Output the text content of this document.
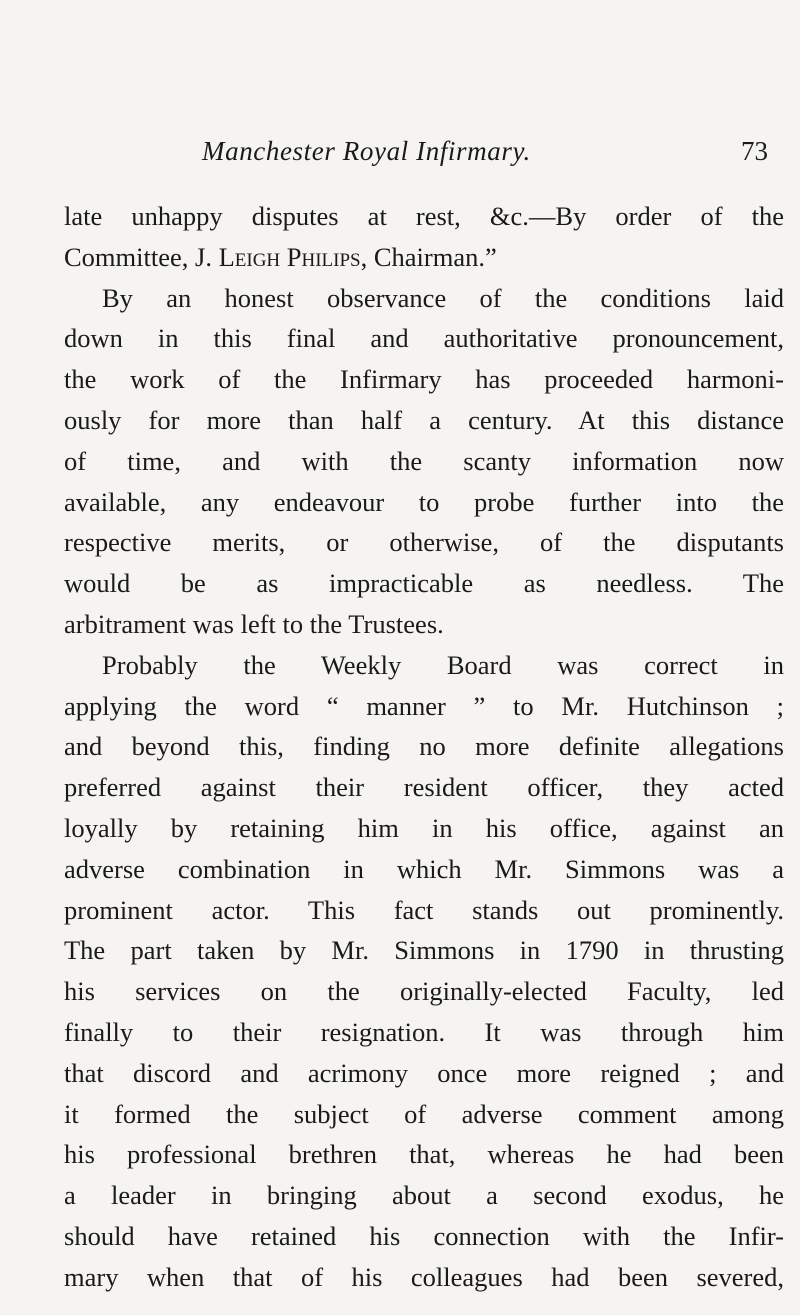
Manchester Royal Infirmary.	73
late unhappy disputes at rest, &c.—By order of the
Committee, J. Leigh Philips, Chairman.”
By an honest observance of the conditions laid
down in this final and authoritative pronouncement,
the work of the Infirmary has proceeded harmoni-
ously for more than half a century. At this distance
of time, and with the scanty information now
available, any endeavour to probe further into the
respective merits, or otherwise, of the disputants
would be as impracticable as needless. The
arbitrament was left to the Trustees.
Probably the Weekly Board was correct in
applying the word “ manner ” to Mr. Hutchinson ;
and beyond this, finding no more definite allegations
preferred against their resident officer, they acted
loyally by retaining him in his office, against an
adverse combination in which Mr. Simmons was a
prominent actor. This fact stands out prominently.
The part taken by Mr. Simmons in 1790 in thrusting
his services on the originally-elected Faculty, led
finally to their resignation. It was through him
that discord and acrimony once more reigned ; and
it formed the subject of adverse comment among
his professional brethren that, whereas he had been
a leader in bringing about a second exodus, he
should have retained his connection with the Infir-
mary when that of his colleagues had been severed,
